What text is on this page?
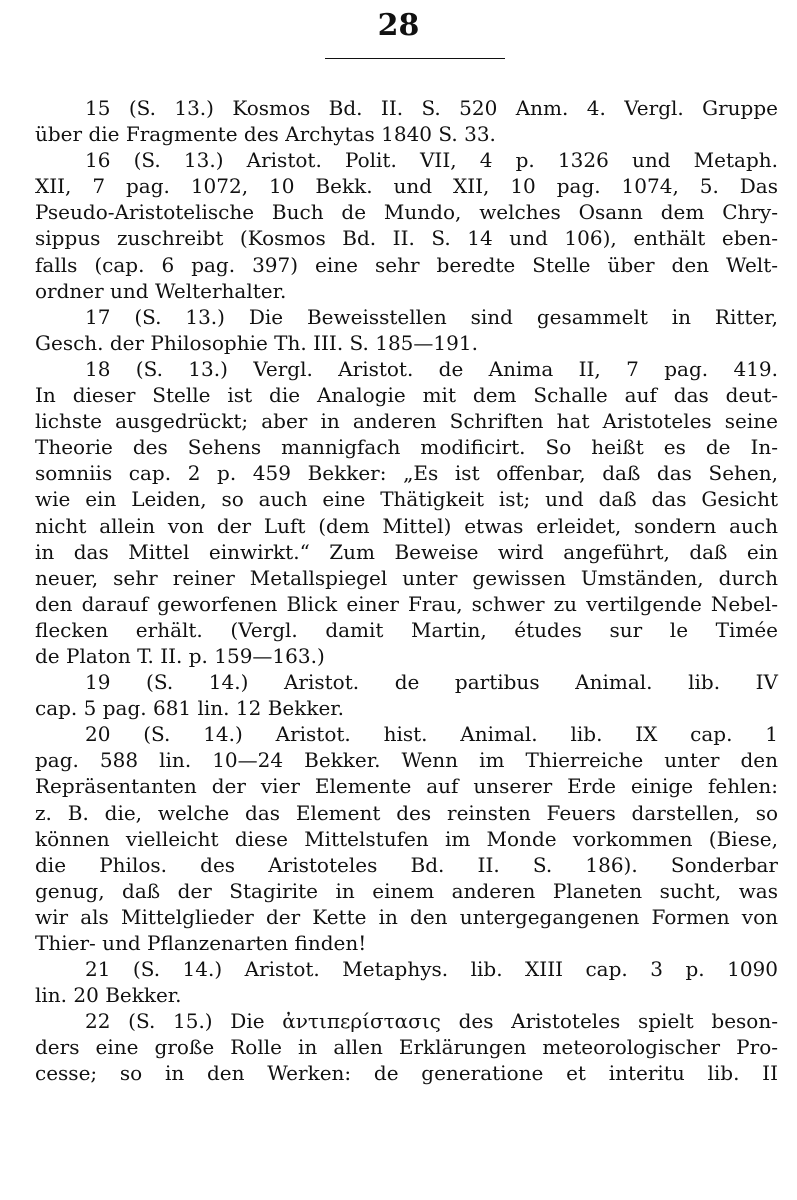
28
15 (S. 13.) Kosmos Bd. II. S. 520 Anm. 4. Vergl. Gruppe
über die Fragmente des Archytas 1840 S. 33.
16 (S. 13.) Aristot. Polit. VII, 4 p. 1326 und Metaph.
XII, 7 pag. 1072, 10 Bekk. und XII, 10 pag. 1074, 5. Das
Pseudo-Aristotelische Buch de Mundo, welches Osann dem Chry-
sippus zuschreibt (Kosmos Bd. II. S. 14 und 106), enthält eben-
falls (cap. 6 pag. 397) eine sehr beredte Stelle über den Welt-
ordner und Welterhalter.
17 (S. 13.) Die Beweisstellen sind gesammelt in Ritter,
Gesch. der Philosophie Th. III. S. 185—191.
18 (S. 13.) Vergl. Aristot. de Anima II, 7 pag. 419.
In dieser Stelle ist die Analogie mit dem Schalle auf das deut-
lichste ausgedrückt; aber in anderen Schriften hat Aristoteles seine
Theorie des Sehens mannigfach modificirt. So heißt es de In-
somniis cap. 2 p. 459 Bekker: „Es ist offenbar, daß das Sehen,
wie ein Leiden, so auch eine Thätigkeit ist; und daß das Gesicht
nicht allein von der Luft (dem Mittel) etwas erleidet, sondern auch
in das Mittel einwirkt.“ Zum Beweise wird angeführt, daß ein
neuer, sehr reiner Metallspiegel unter gewissen Umständen, durch
den darauf geworfenen Blick einer Frau, schwer zu vertilgende Nebel-
flecken erhält. (Vergl. damit Martin, études sur le Timée
de Platon T. II. p. 159—163.)
19 (S. 14.) Aristot. de partibus Animal. lib. IV
cap. 5 pag. 681 lin. 12 Bekker.
20 (S. 14.) Aristot. hist. Animal. lib. IX cap. 1
pag. 588 lin. 10—24 Bekker. Wenn im Thierreiche unter den
Repräsentanten der vier Elemente auf unserer Erde einige fehlen:
z. B. die, welche das Element des reinsten Feuers darstellen, so
können vielleicht diese Mittelstufen im Monde vorkommen (Biese,
die Philos. des Aristoteles Bd. II. S. 186). Sonderbar
genug, daß der Stagirite in einem anderen Planeten sucht, was
wir als Mittelglieder der Kette in den untergegangenen Formen von
Thier- und Pflanzenarten finden!
21 (S. 14.) Aristot. Metaphys. lib. XIII cap. 3 p. 1090
lin. 20 Bekker.
22 (S. 15.) Die ἀντιπερίστασις des Aristoteles spielt beson-
ders eine große Rolle in allen Erklärungen meteorologischer Pro-
cesse; so in den Werken: de generatione et interitu lib. II
